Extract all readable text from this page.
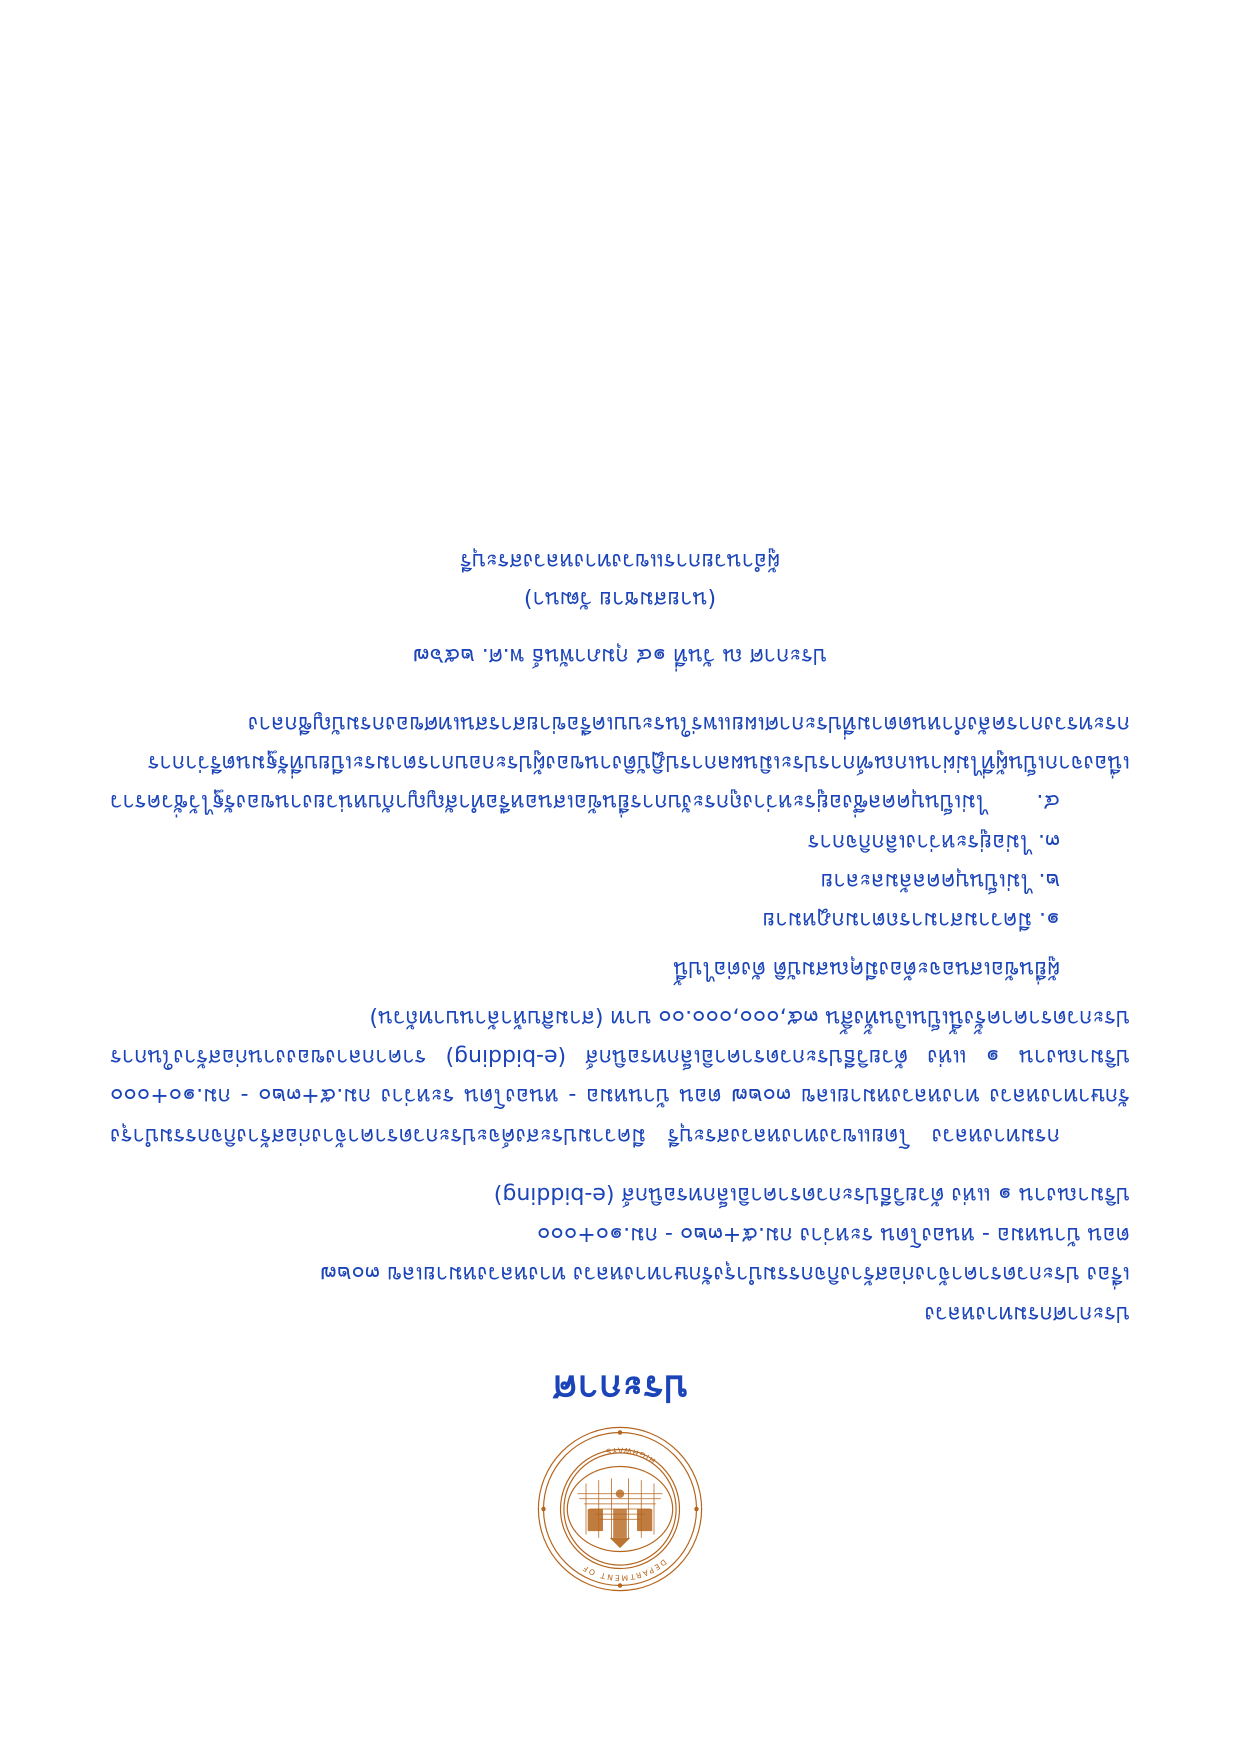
DEPARTMENT OF
HIGHWAYS
ประกาศ
ประกาศกรมทางหลวง
เรื่อง ประกวดราคาจ้างก่อสร้างกิจกรรมบำรุงรักษาทางหลวง ทางหลวงหมายเลข ๓๐๒๗
ตอน บ้านหมอ - หนองโดน ระหว่าง กม.๕+๓๒๐ - กม.๑๐+๐๐๐
ปริมาณงาน ๑ แห่ง ด้วยวิธีประกวดราคาอิเล็กทรอนิกส์ (e-bidding)
กรมทางหลวง โดยแขวงทางหลวงสระบุรี มีความประสงค์จะประกวดราคาจ้างก่อสร้างกิจกรรมบำรุงรักษาทางหลวง ทางหลวงหมายเลข ๓๐๒๗ ตอน บ้านหมอ - หนองโดน ระหว่าง กม.๕+๓๒๐ - กม.๑๐+๐๐๐ ปริมาณงาน ๑ แห่ง ด้วยวิธีประกวดราคาอิเล็กทรอนิกส์ (e-bidding) ราคากลางของงานก่อสร้างในการประกวดราคาครั้งนี้เป็นเงินทั้งสิ้น ๓๕,๐๐๐,๐๐๐.๐๐ บาท (สามสิบห้าล้านบาทถ้วน)
ผู้ยื่นข้อเสนอจะต้องมีคุณสมบัติ ดังต่อไปนี้
๑. มีความสามารถตามกฎหมาย
๒. ไม่เป็นบุคคลล้มละลาย
๓. ไม่อยู่ระหว่างเลิกกิจการ
๔. ไม่เป็นบุคคลซึ่งอยู่ระหว่างถูกระงับการยื่นข้อเสนอหรือทำสัญญากับหน่วยงานของรัฐไว้ชั่วคราว เนื่องจากเป็นผู้ที่ไม่ผ่านเกณฑ์การประเมินผลการปฏิบัติงานของผู้ประกอบการตามระเบียบที่รัฐมนตรีว่าการกระทรวงการคลังกำหนดตามที่ประกาศเผยแพร่ในระบบเครือข่ายสารสนเทศของกรมบัญชีกลาง
ประกาศ ณ วันที่ ๑๔ กุมภาพันธ์ พ.ศ. ๒๕๖๗
(นายสมชาย วัฒนา)
ผู้อำนวยการแขวงทางหลวงสระบุรี
